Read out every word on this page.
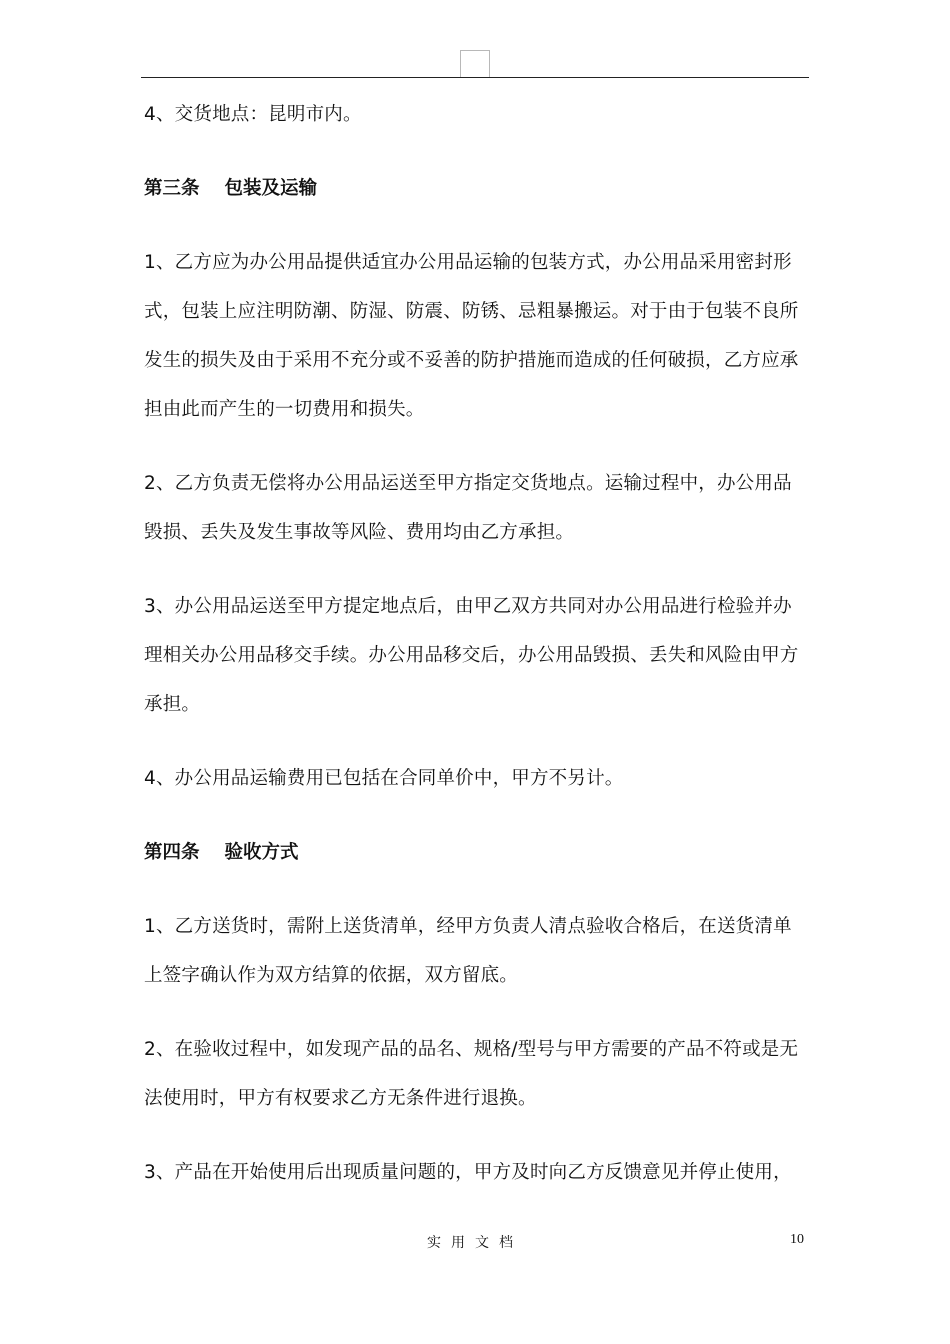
4、交货地点：昆明市内。
第三条　 包装及运输
1、乙方应为办公用品提供适宜办公用品运输的包装方式，办公用品采用密封形
式，包装上应注明防潮、防湿、防震、防锈、忌粗暴搬运。对于由于包装不良所
发生的损失及由于采用不充分或不妥善的防护措施而造成的任何破损，乙方应承
担由此而产生的一切费用和损失。
2、乙方负责无偿将办公用品运送至甲方指定交货地点。运输过程中，办公用品
毁损、丢失及发生事故等风险、费用均由乙方承担。
3、办公用品运送至甲方提定地点后，由甲乙双方共同对办公用品进行检验并办
理相关办公用品移交手续。办公用品移交后，办公用品毁损、丢失和风险由甲方
承担。
4、办公用品运输费用已包括在合同单价中，甲方不另计。
第四条　 验收方式
1、乙方送货时，需附上送货清单，经甲方负责人清点验收合格后，在送货清单
上签字确认作为双方结算的依据，双方留底。
2、在验收过程中，如发现产品的品名、规格/型号与甲方需要的产品不符或是无
法使用时，甲方有权要求乙方无条件进行退换。
3、产品在开始使用后出现质量问题的，甲方及时向乙方反馈意见并停止使用，
实用文档	10
